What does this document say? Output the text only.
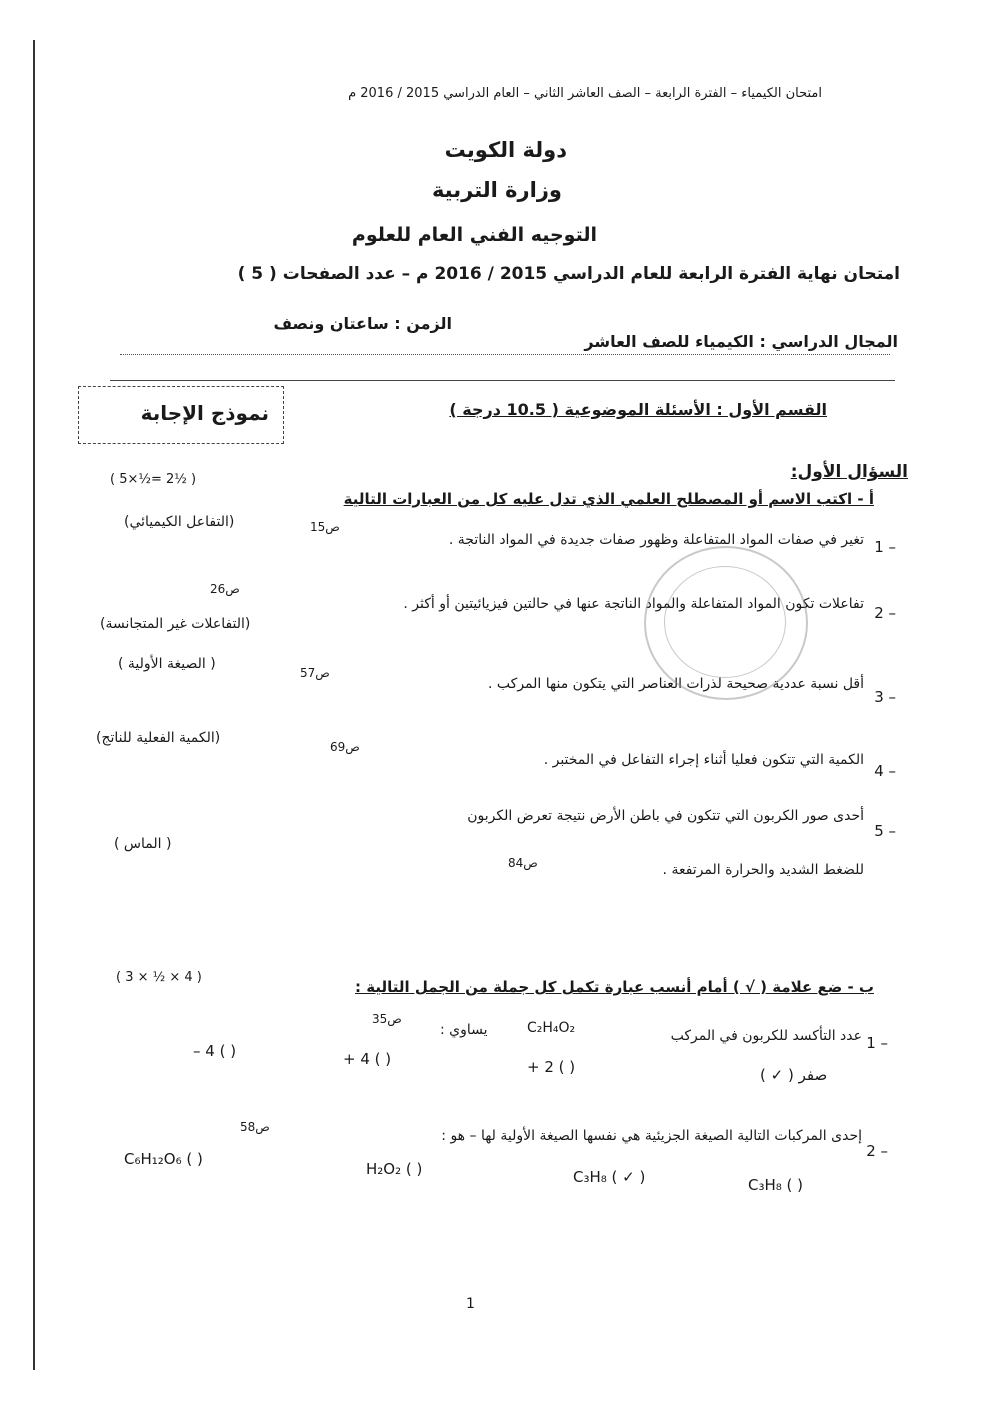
امتحان الكيمياء – الفترة الرابعة – الصف العاشر الثاني – العام الدراسي 2015 / 2016 م
دولة الكويت
وزارة التربية
التوجيه الفني العام للعلوم
امتحان نهاية الفترة الرابعة للعام الدراسي 2015 / 2016 م – عدد الصفحات ( 5 )
المجال الدراسي : الكيمياء للصف العاشر
الزمن : ساعتان ونصف
القسم الأول : الأسئلة الموضوعية ( 10.5 درجة )
نموذج الإجابة
السؤال الأول:
أ - اكتب الاسم أو المصطلح العلمي الذي تدل عليه كل من العبارات التالية
( 5×½= 2½ )
1 –
تغير في صفات المواد المتفاعلة وظهور صفات جديدة في المواد الناتجة .
ص15
(التفاعل الكيميائي)
2 –
تفاعلات تكون المواد المتفاعلة والمواد الناتجة عنها في حالتين فيزيائيتين أو أكثر .
ص26
(التفاعلات غير المتجانسة)
3 –
أقل نسبة عددية صحيحة لذرات العناصر التي يتكون منها المركب .
ص57
( الصيغة الأولية )
4 –
الكمية التي تتكون فعليا أثناء إجراء التفاعل في المختبر .
ص69
(الكمية الفعلية للناتج)
5 –
أحدى صور الكربون التي تتكون في باطن الأرض نتيجة تعرض الكربون
للضغط الشديد والحرارة المرتفعة .
ص84
( الماس )
ب - ضع علامة ( √ ) أمام أنسب عبارة تكمل كل جملة من الجمل التالية :
( 3 × ½ × 4 )
1 –
عدد التأكسد للكربون في المركب
C₂H₄O₂
يساوي :
ص35
صفر ( ✓ )
+ 2 ( )
+ 4 ( )
– 4 ( )
2 –
إحدى المركبات التالية الصيغة الجزيئية هي نفسها الصيغة الأولية لها – هو :
ص58
C₃H₈ ( )
C₃H₈ ( ✓ )
H₂O₂ ( )
C₆H₁₂O₆ ( )
1
